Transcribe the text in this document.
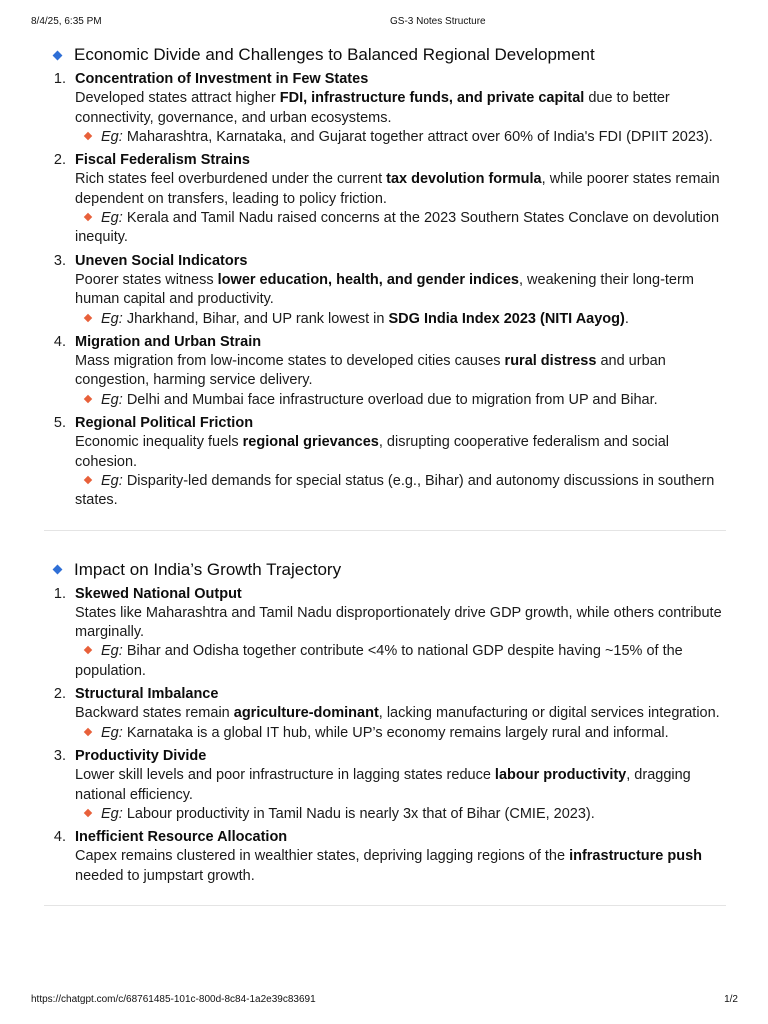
8/4/25, 6:35 PM	GS-3 Notes Structure
Economic Divide and Challenges to Balanced Regional Development
1. Concentration of Investment in Few States
Developed states attract higher FDI, infrastructure funds, and private capital due to better connectivity, governance, and urban ecosystems.
Eg: Maharashtra, Karnataka, and Gujarat together attract over 60% of India's FDI (DPIIT 2023).
2. Fiscal Federalism Strains
Rich states feel overburdened under the current tax devolution formula, while poorer states remain dependent on transfers, leading to policy friction.
Eg: Kerala and Tamil Nadu raised concerns at the 2023 Southern States Conclave on devolution inequity.
3. Uneven Social Indicators
Poorer states witness lower education, health, and gender indices, weakening their long-term human capital and productivity.
Eg: Jharkhand, Bihar, and UP rank lowest in SDG India Index 2023 (NITI Aayog).
4. Migration and Urban Strain
Mass migration from low-income states to developed cities causes rural distress and urban congestion, harming service delivery.
Eg: Delhi and Mumbai face infrastructure overload due to migration from UP and Bihar.
5. Regional Political Friction
Economic inequality fuels regional grievances, disrupting cooperative federalism and social cohesion.
Eg: Disparity-led demands for special status (e.g., Bihar) and autonomy discussions in southern states.
Impact on India’s Growth Trajectory
1. Skewed National Output
States like Maharashtra and Tamil Nadu disproportionately drive GDP growth, while others contribute marginally.
Eg: Bihar and Odisha together contribute <4% to national GDP despite having ~15% of the population.
2. Structural Imbalance
Backward states remain agriculture-dominant, lacking manufacturing or digital services integration.
Eg: Karnataka is a global IT hub, while UP’s economy remains largely rural and informal.
3. Productivity Divide
Lower skill levels and poor infrastructure in lagging states reduce labour productivity, dragging national efficiency.
Eg: Labour productivity in Tamil Nadu is nearly 3x that of Bihar (CMIE, 2023).
4. Inefficient Resource Allocation
Capex remains clustered in wealthier states, depriving lagging regions of the infrastructure push needed to jumpstart growth.
https://chatgpt.com/c/68761485-101c-800d-8c84-1a2e39c83691	1/2
